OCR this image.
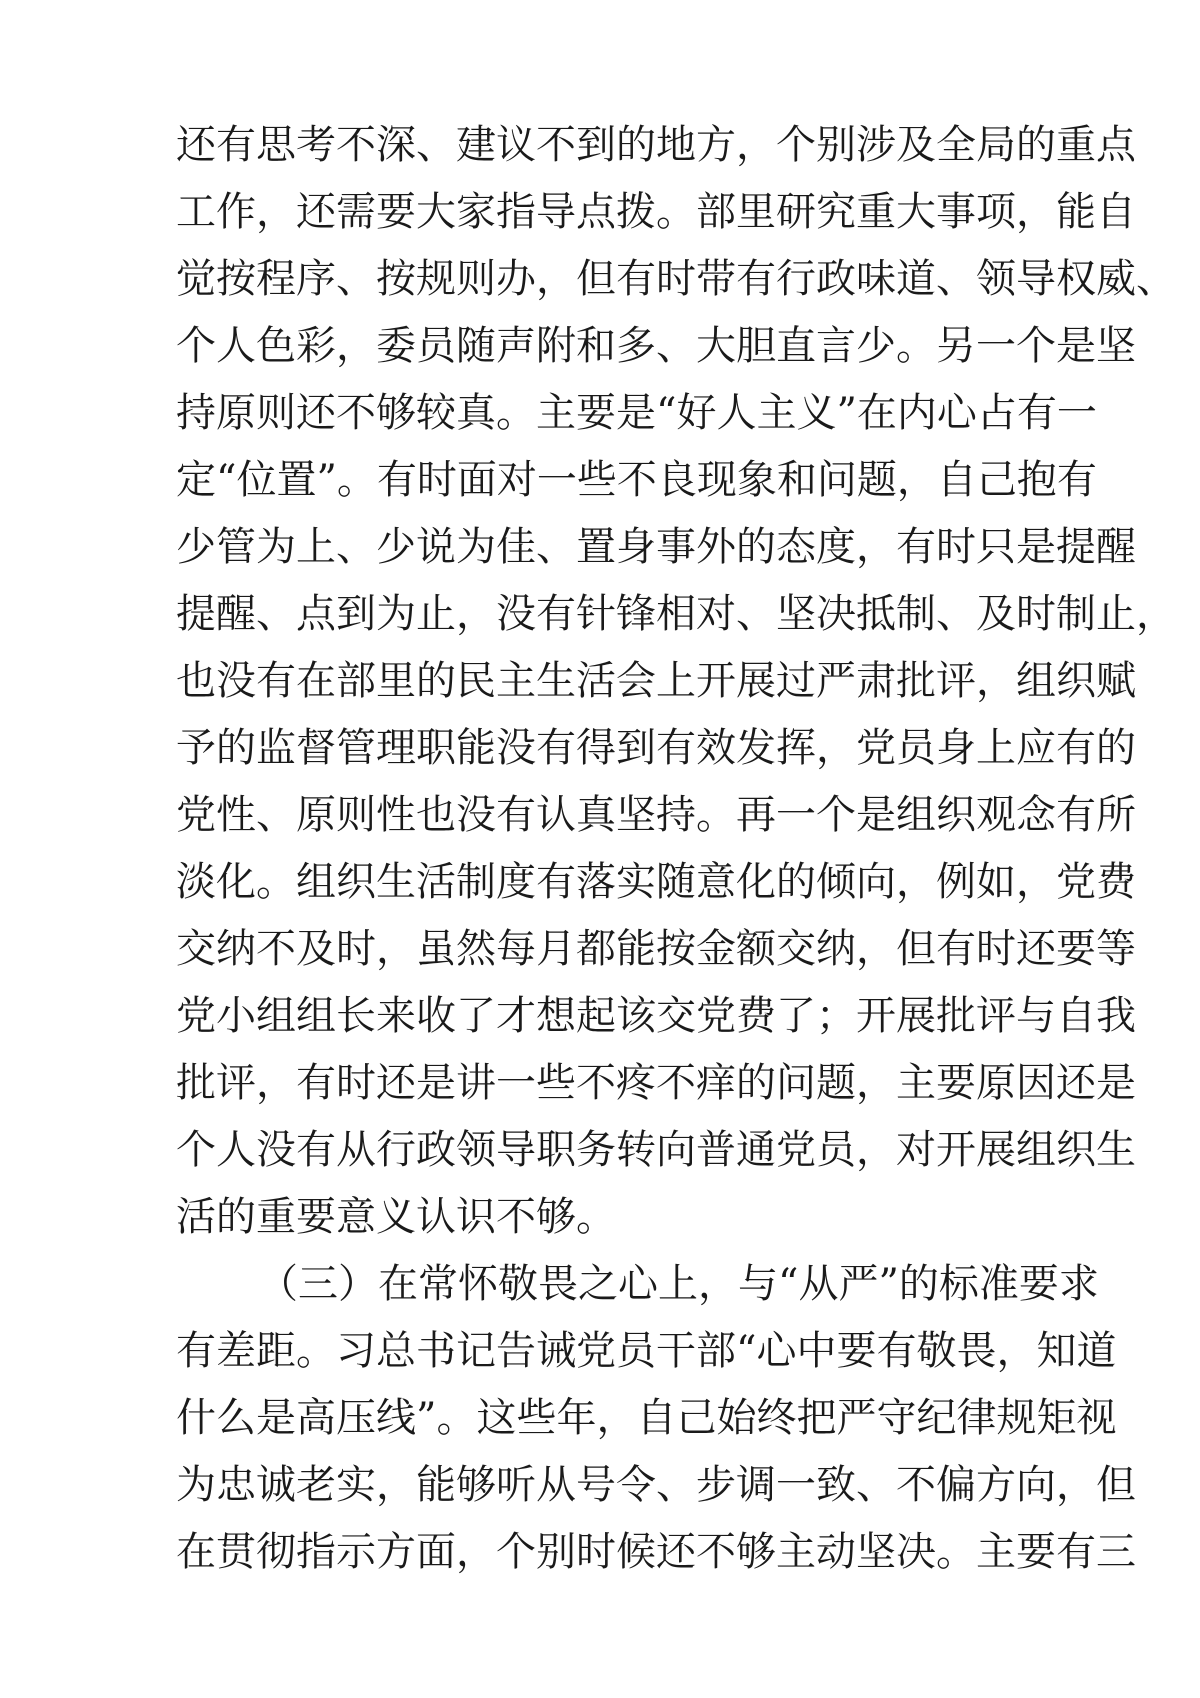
还有思考不深、建议不到的地方，个别涉及全局的重点
工作，还需要大家指导点拨。部里研究重大事项，能自
觉按程序、按规则办，但有时带有行政味道、领导权威、
个人色彩，委员随声附和多、大胆直言少。另一个是坚
持原则还不够较真。主要是“好人主义”在内心占有一
定“位置”。有时面对一些不良现象和问题，自己抱有
少管为上、少说为佳、置身事外的态度，有时只是提醒
提醒、点到为止，没有针锋相对、坚决抵制、及时制止，
也没有在部里的民主生活会上开展过严肃批评，组织赋
予的监督管理职能没有得到有效发挥，党员身上应有的
党性、原则性也没有认真坚持。再一个是组织观念有所
淡化。组织生活制度有落实随意化的倾向，例如，党费
交纳不及时，虽然每月都能按金额交纳，但有时还要等
党小组组长来收了才想起该交党费了；开展批评与自我
批评，有时还是讲一些不疼不痒的问题，主要原因还是
个人没有从行政领导职务转向普通党员，对开展组织生
活的重要意义认识不够。
（三）在常怀敬畏之心上，与“从严”的标准要求
有差距。习总书记告诫党员干部“心中要有敬畏，知道
什么是高压线”。这些年，自己始终把严守纪律规矩视
为忠诚老实，能够听从号令、步调一致、不偏方向，但
在贯彻指示方面，个别时候还不够主动坚决。主要有三
